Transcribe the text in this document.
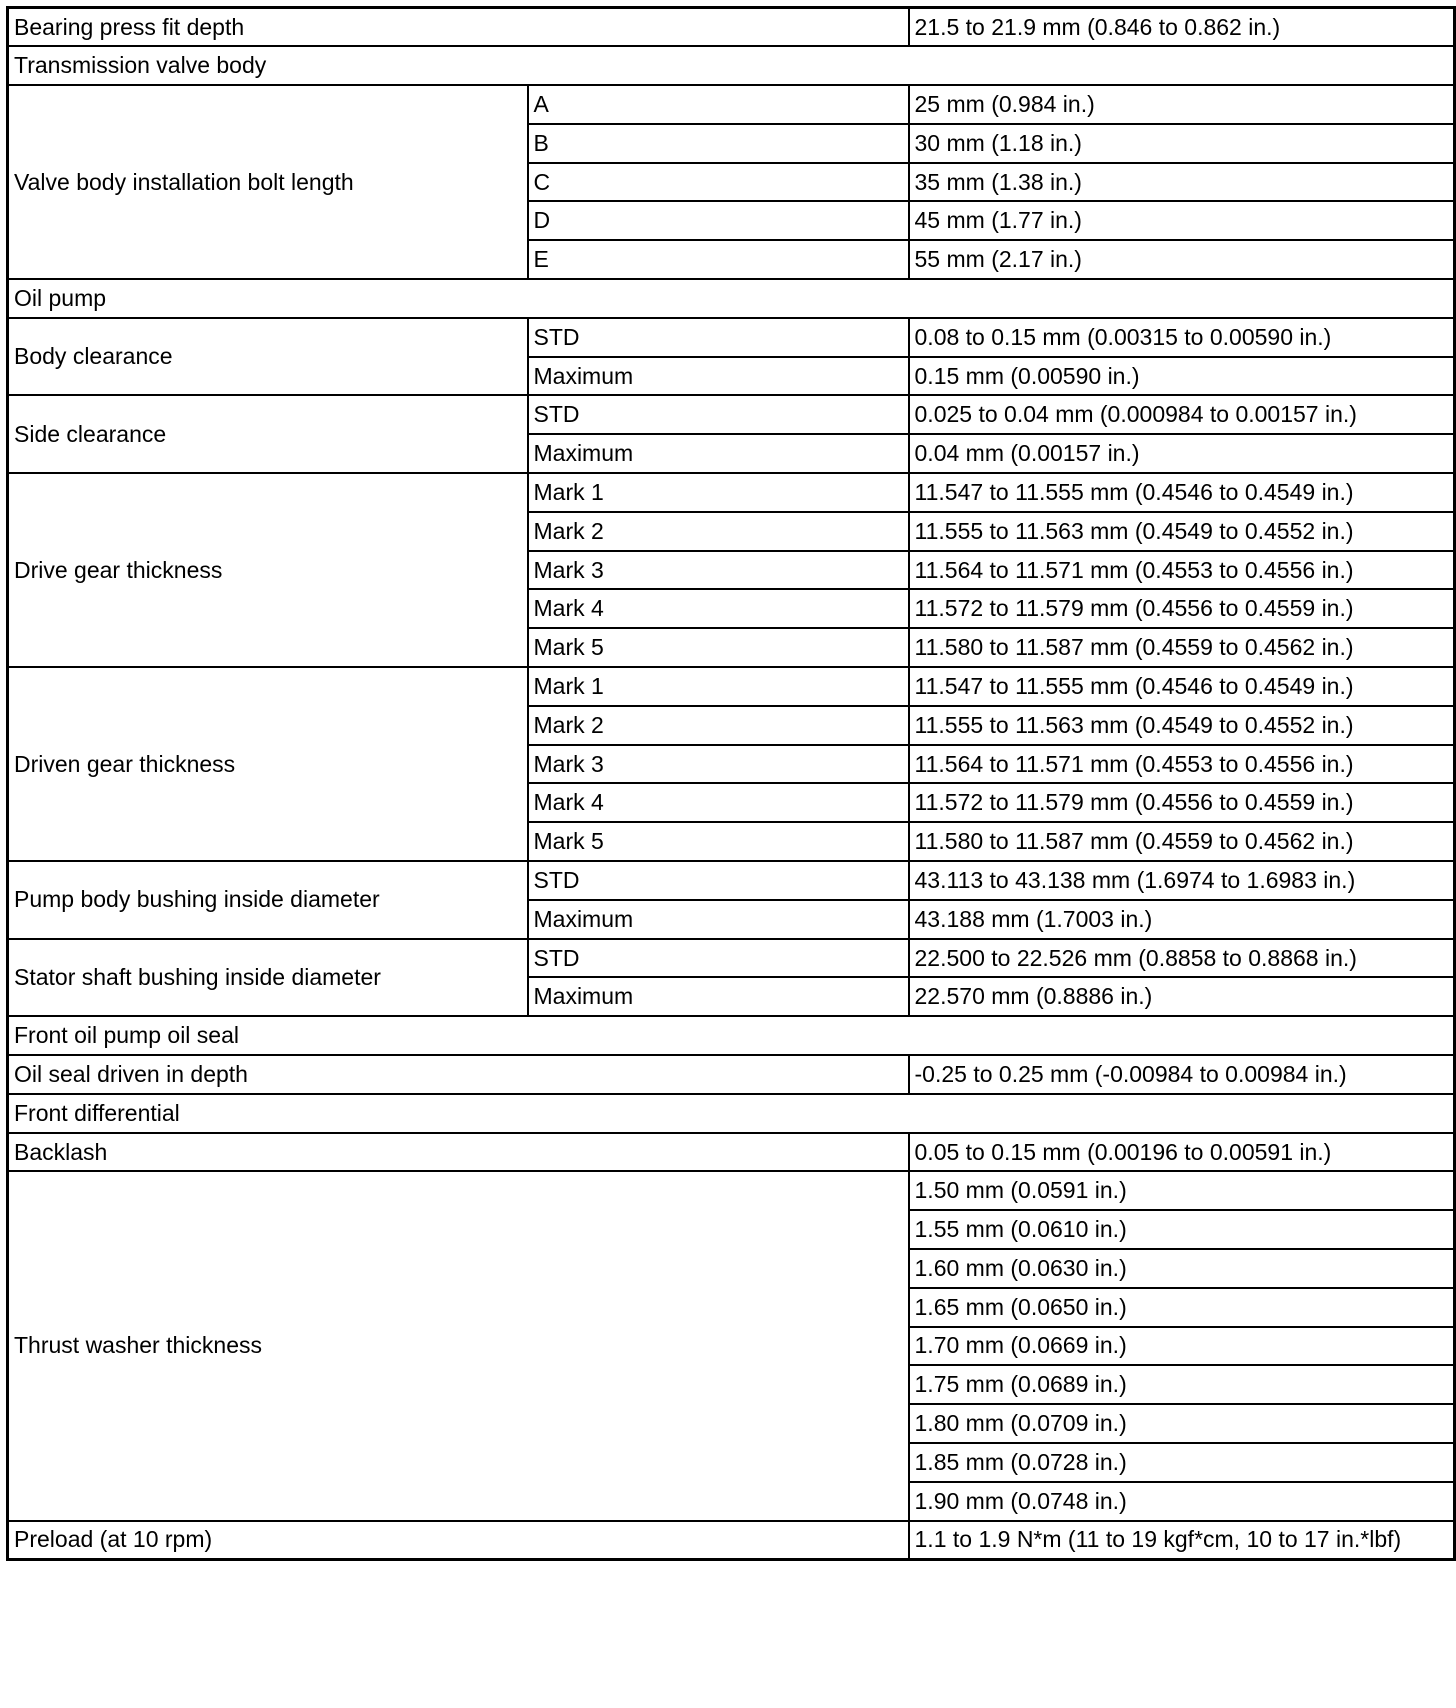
Bearing press fit depth		21.5 to 21.9 mm (0.846 to 0.862 in.)
Transmission valve body		
Valve body installation bolt length	A	25 mm (0.984 in.)
	B	30 mm (1.18 in.)
	C	35 mm (1.38 in.)
	D	45 mm (1.77 in.)
	E	55 mm (2.17 in.)
Oil pump		
Body clearance	STD	0.08 to 0.15 mm (0.00315 to 0.00590 in.)
	Maximum	0.15 mm (0.00590 in.)
Side clearance	STD	0.025 to 0.04 mm (0.000984 to 0.00157 in.)
	Maximum	0.04 mm (0.00157 in.)
Drive gear thickness	Mark 1	11.547 to 11.555 mm (0.4546 to 0.4549 in.)
	Mark 2	11.555 to 11.563 mm (0.4549 to 0.4552 in.)
	Mark 3	11.564 to 11.571 mm (0.4553 to 0.4556 in.)
	Mark 4	11.572 to 11.579 mm (0.4556 to 0.4559 in.)
	Mark 5	11.580 to 11.587 mm (0.4559 to 0.4562 in.)
Driven gear thickness	Mark 1	11.547 to 11.555 mm (0.4546 to 0.4549 in.)
	Mark 2	11.555 to 11.563 mm (0.4549 to 0.4552 in.)
	Mark 3	11.564 to 11.571 mm (0.4553 to 0.4556 in.)
	Mark 4	11.572 to 11.579 mm (0.4556 to 0.4559 in.)
	Mark 5	11.580 to 11.587 mm (0.4559 to 0.4562 in.)
Pump body bushing inside diameter	STD	43.113 to 43.138 mm (1.6974 to 1.6983 in.)
	Maximum	43.188 mm (1.7003 in.)
Stator shaft bushing inside diameter	STD	22.500 to 22.526 mm (0.8858 to 0.8868 in.)
	Maximum	22.570 mm (0.8886 in.)
Front oil pump oil seal		
Oil seal driven in depth		-0.25 to 0.25 mm (-0.00984 to 0.00984 in.)
Front differential		
Backlash		0.05 to 0.15 mm (0.00196 to 0.00591 in.)
Thrust washer thickness		1.50 mm (0.0591 in.)
		1.55 mm (0.0610 in.)
		1.60 mm (0.0630 in.)
		1.65 mm (0.0650 in.)
		1.70 mm (0.0669 in.)
		1.75 mm (0.0689 in.)
		1.80 mm (0.0709 in.)
		1.85 mm (0.0728 in.)
		1.90 mm (0.0748 in.)
Preload (at 10 rpm)		1.1 to 1.9 N*m (11 to 19 kgf*cm, 10 to 17 in.*lbf)
